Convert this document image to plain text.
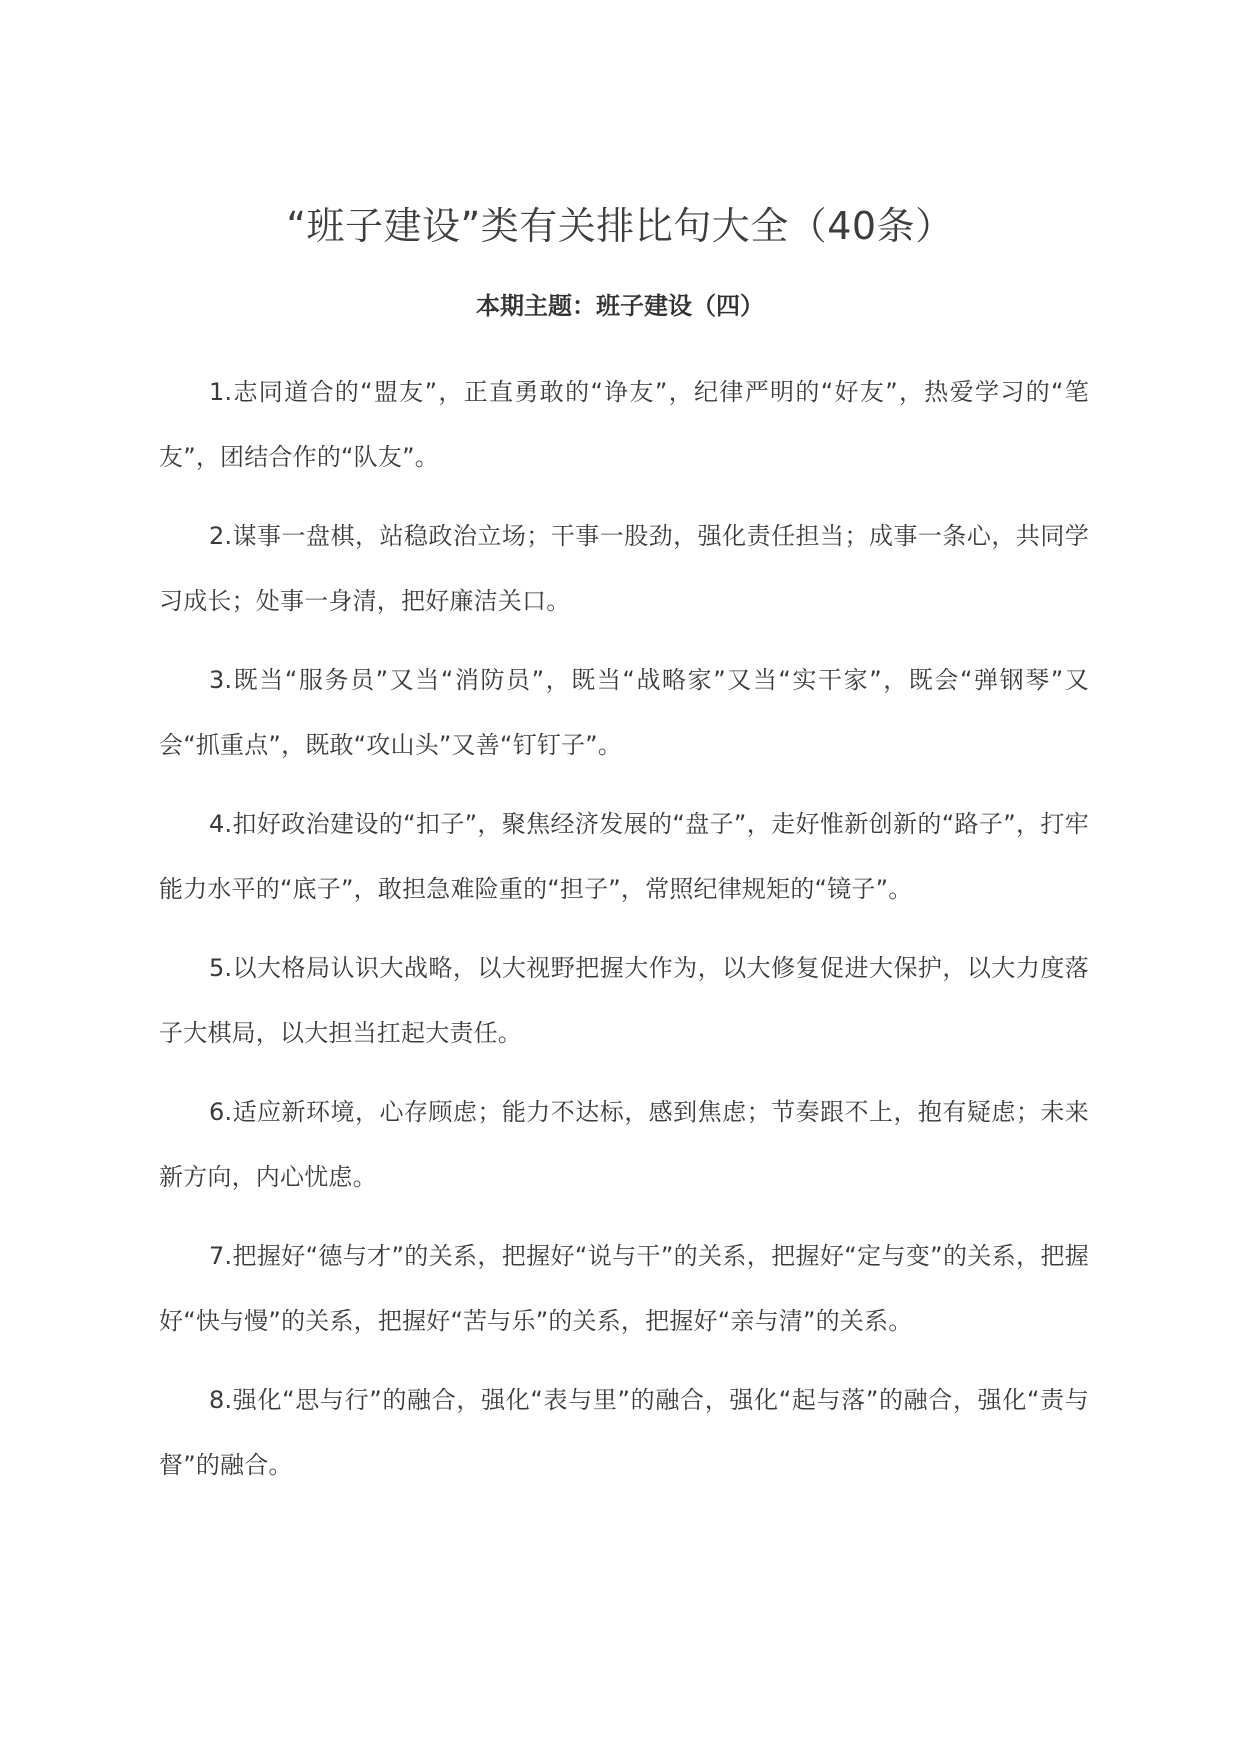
“班子建设”类有关排比句大全（40条）
本期主题：班子建设（四）

1.志同道合的“盟友”，正直勇敢的“诤友”，纪律严明的“好友”，热爱学习的“笔友”，团结合作的“队友”。

2.谋事一盘棋，站稳政治立场；干事一股劲，强化责任担当；成事一条心，共同学习成长；处事一身清，把好廉洁关口。

3.既当“服务员”又当“消防员”，既当“战略家”又当“实干家”，既会“弹钢琴”又会“抓重点”，既敢“攻山头”又善“钉钉子”。

4.扣好政治建设的“扣子”，聚焦经济发展的“盘子”，走好惟新创新的“路子”，打牢能力水平的“底子”，敢担急难险重的“担子”，常照纪律规矩的“镜子”。

5.以大格局认识大战略，以大视野把握大作为，以大修复促进大保护，以大力度落子大棋局，以大担当扛起大责任。

6.适应新环境，心存顾虑；能力不达标，感到焦虑；节奏跟不上，抱有疑虑；未来新方向，内心忧虑。

7.把握好“德与才”的关系，把握好“说与干”的关系，把握好“定与变”的关系，把握好“快与慢”的关系，把握好“苦与乐”的关系，把握好“亲与清”的关系。

8.强化“思与行”的融合，强化“表与里”的融合，强化“起与落”的融合，强化“责与督”的融合。
